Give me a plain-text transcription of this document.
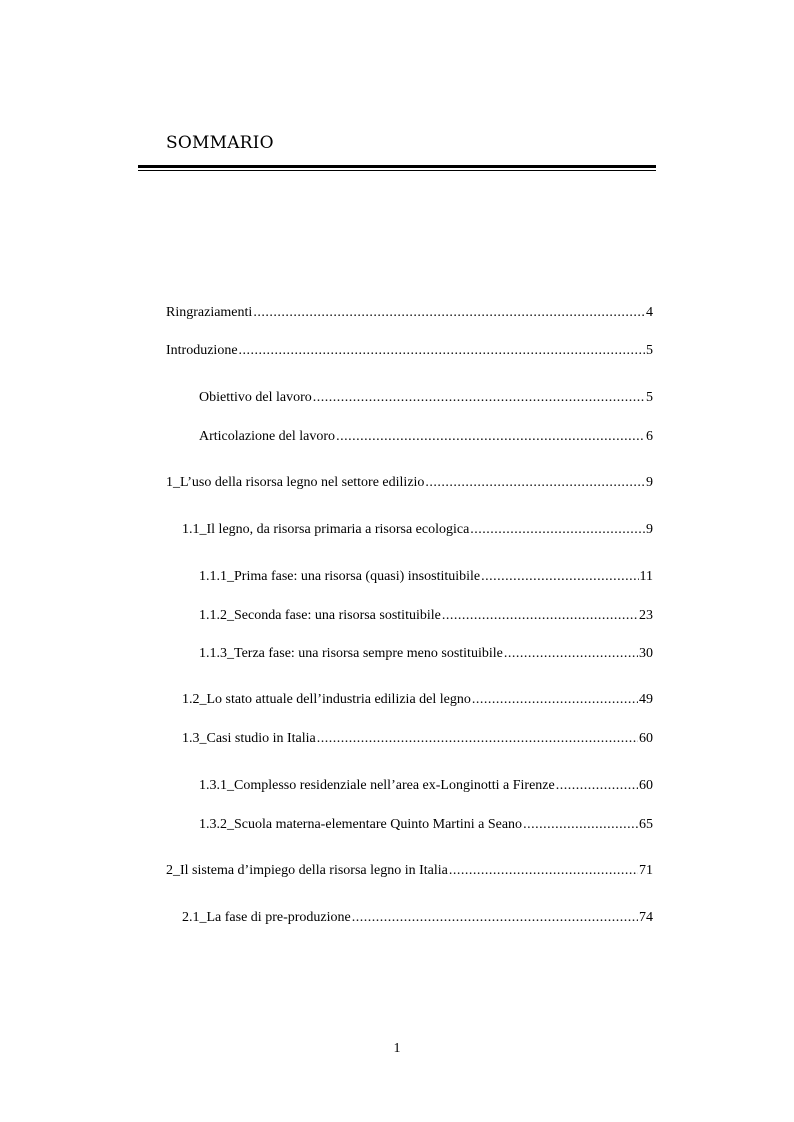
SOMMARIO
Ringraziamenti .....	4
Introduzione .....	5
Obiettivo del lavoro .....	5
Articolazione del lavoro .....	6
1_L’uso della risorsa legno nel settore edilizio .....	9
1.1_Il legno, da risorsa primaria a risorsa ecologica .....	9
1.1.1_Prima fase: una risorsa (quasi) insostituibile .....	11
1.1.2_Seconda fase: una risorsa sostituibile .....	23
1.1.3_Terza fase: una risorsa sempre meno sostituibile .....	30
1.2_Lo stato attuale dell’industria edilizia del legno .....	49
1.3_Casi studio in Italia .....	60
1.3.1_Complesso residenziale nell’area ex-Longinotti a Firenze .....	60
1.3.2_Scuola materna-elementare Quinto Martini a Seano .....	65
2_Il sistema d’impiego della risorsa legno in Italia .....	71
2.1_La fase di pre-produzione .....	74
1
